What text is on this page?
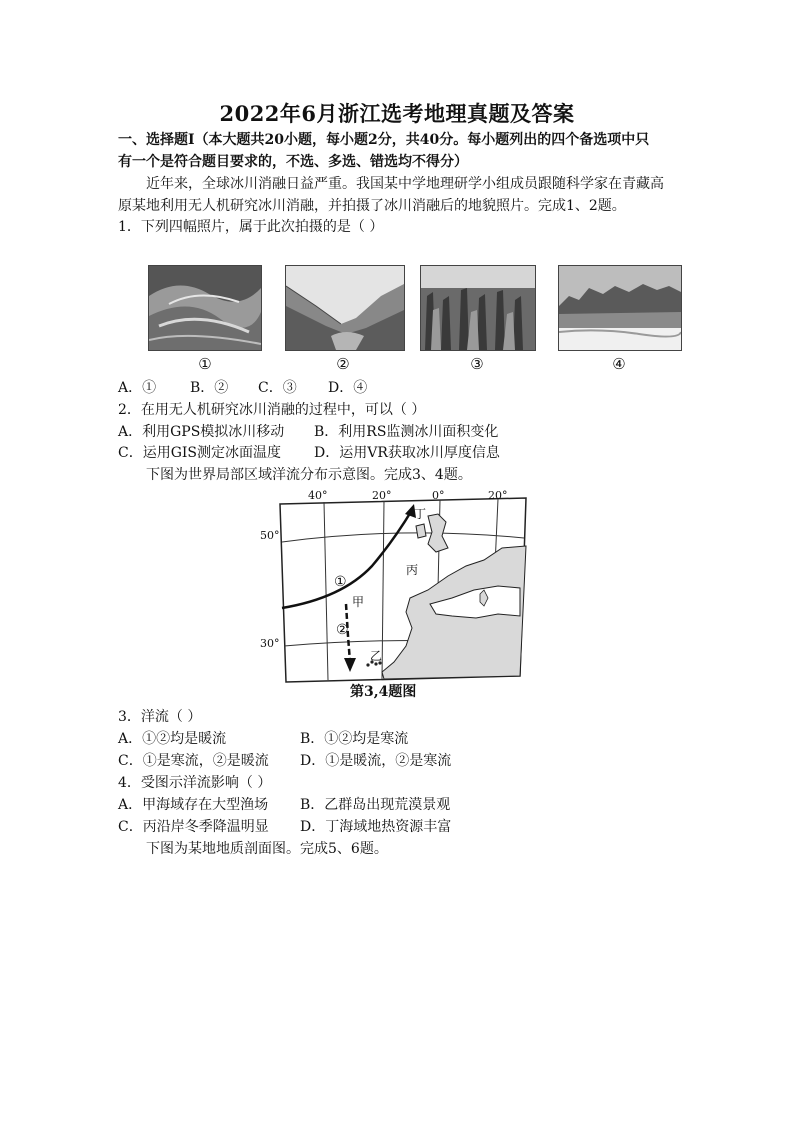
2022年6月浙江选考地理真题及答案
一、选择题Ⅰ（本大题共20小题，每小题2分，共40分。每小题列出的四个备选项中只
有一个是符合题目要求的，不选、多选、错选均不得分）
近年来，全球冰川消融日益严重。我国某中学地理研学小组成员跟随科学家在青藏高
原某地利用无人机研究冰川消融，并拍摄了冰川消融后的地貌照片。完成1、2题。
1．下列四幅照片，属于此次拍摄的是（ ）
①	②	③	④
A．① B．② C．③ D．④
2．在用无人机研究冰川消融的过程中，可以（ ）
A．利用GPS模拟冰川移动 B．利用RS监测冰川面积变化
C．运用GIS测定冰面温度 D．运用VR获取冰川厚度信息
下图为世界局部区域洋流分布示意图。完成3、4题。
40°	20°	0°	20°
50°
30°
①
②
丁
丙
甲
乙
第3,4题图
3．洋流（ ）
A．①②均是暖流	B．①②均是寒流
C．①是寒流，②是暖流 D．①是暖流，②是寒流
4．受图示洋流影响（ ）
A．甲海域存在大型渔场 B．乙群岛出现荒漠景观
C．丙沿岸冬季降温明显 D．丁海域地热资源丰富
下图为某地地质剖面图。完成5、6题。
